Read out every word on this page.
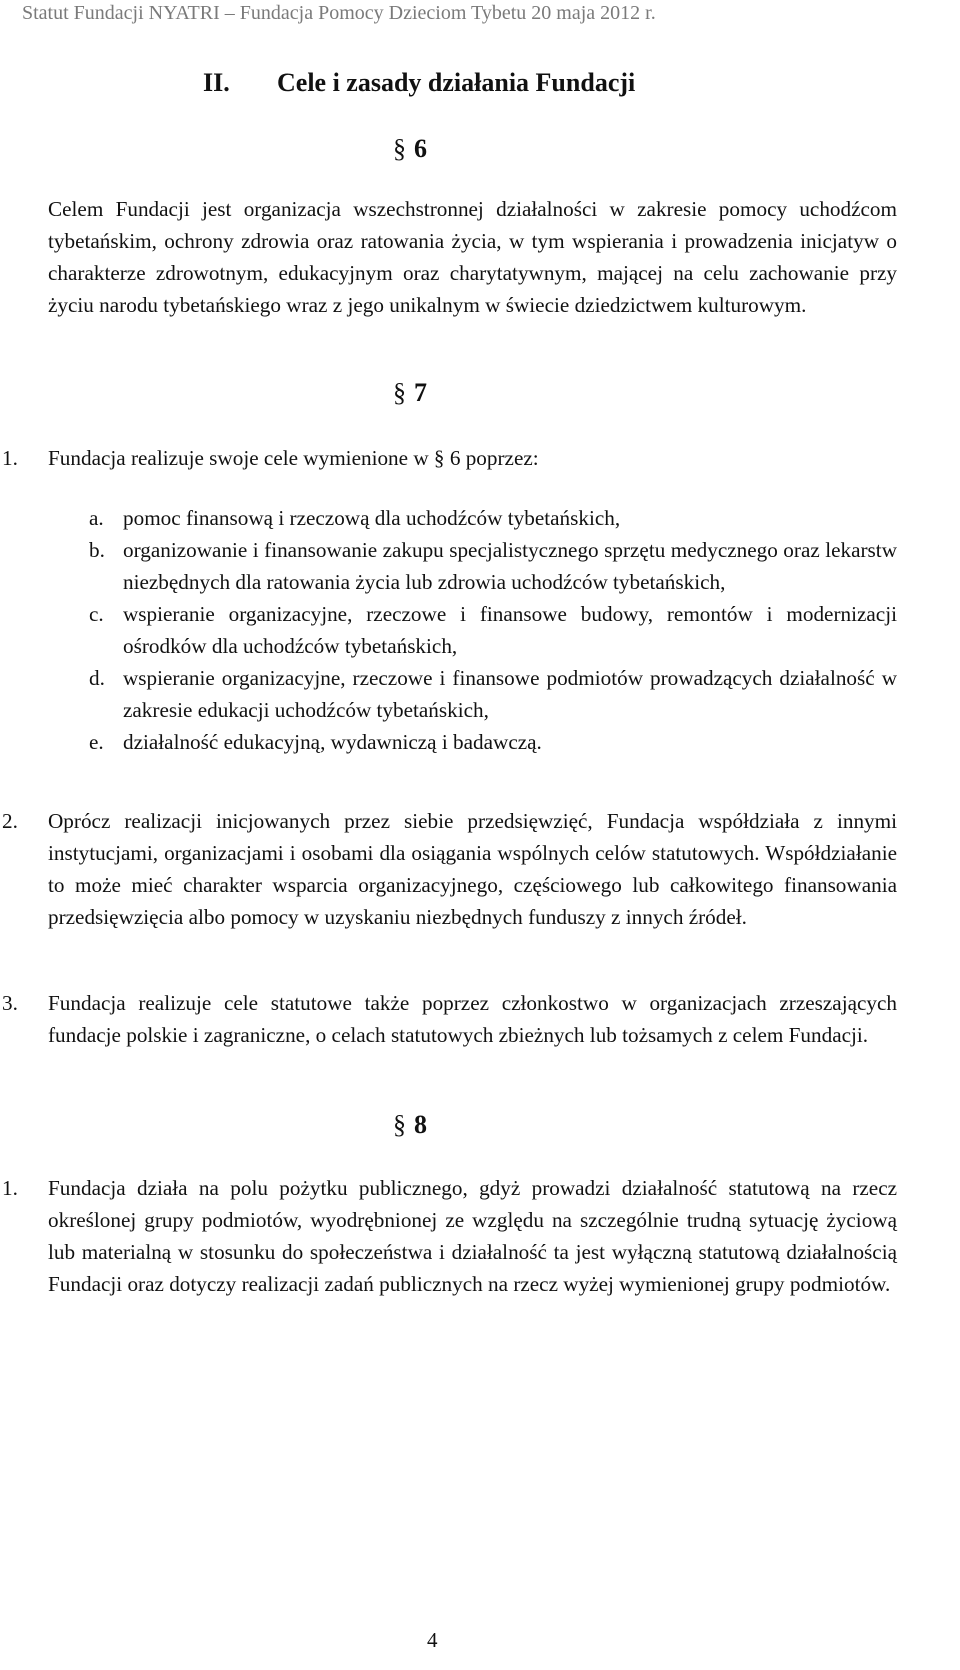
Statut Fundacji NYATRI – Fundacja Pomocy Dzieciom Tybetu 20 maja 2012 r.
II. Cele i zasady działania Fundacji
§ 6

Celem Fundacji jest organizacja wszechstronnej działalności w zakresie pomocy uchodźcom tybetańskim, ochrony zdrowia oraz ratowania życia, w tym wspierania i prowadzenia inicjatyw o charakterze zdrowotnym, edukacyjnym oraz charytatywnym, mającej na celu zachowanie przy życiu narodu tybetańskiego wraz z jego unikalnym w świecie dziedzictwem kulturowym.

§ 7
1. Fundacja realizuje swoje cele wymienione w § 6 poprzez:

a. pomoc finansową i rzeczową dla uchodźców tybetańskich,

b. organizowanie i finansowanie zakupu specjalistycznego sprzętu medycznego oraz lekarstw niezbędnych dla ratowania życia lub zdrowia uchodźców tybetańskich,

c. wspieranie organizacyjne, rzeczowe i finansowe budowy, remontów i modernizacji ośrodków dla uchodźców tybetańskich,

d. wspieranie organizacyjne, rzeczowe i finansowe podmiotów prowadzących działalność w zakresie edukacji uchodźców tybetańskich,

e. działalność edukacyjną, wydawniczą i badawczą.

2. Oprócz realizacji inicjowanych przez siebie przedsięwzięć, Fundacja współdziała z innymi instytucjami, organizacjami i osobami dla osiągania wspólnych celów statutowych. Współdziałanie to może mieć charakter wsparcia organizacyjnego, częściowego lub całkowitego finansowania przedsięwzięcia albo pomocy w uzyskaniu niezbędnych funduszy z innych źródeł.

3. Fundacja realizuje cele statutowe także poprzez członkostwo w organizacjach zrzeszających fundacje polskie i zagraniczne, o celach statutowych zbieżnych lub tożsamych z celem Fundacji.

§ 8
1. Fundacja działa na polu pożytku publicznego, gdyż prowadzi działalność statutową na rzecz określonej grupy podmiotów, wyodrębnionej ze względu na szczególnie trudną sytuację życiową lub materialną w stosunku do społeczeństwa i działalność ta jest wyłączną statutową działalnością Fundacji oraz dotyczy realizacji zadań publicznych na rzecz wyżej wymienionej grupy podmiotów.

4
